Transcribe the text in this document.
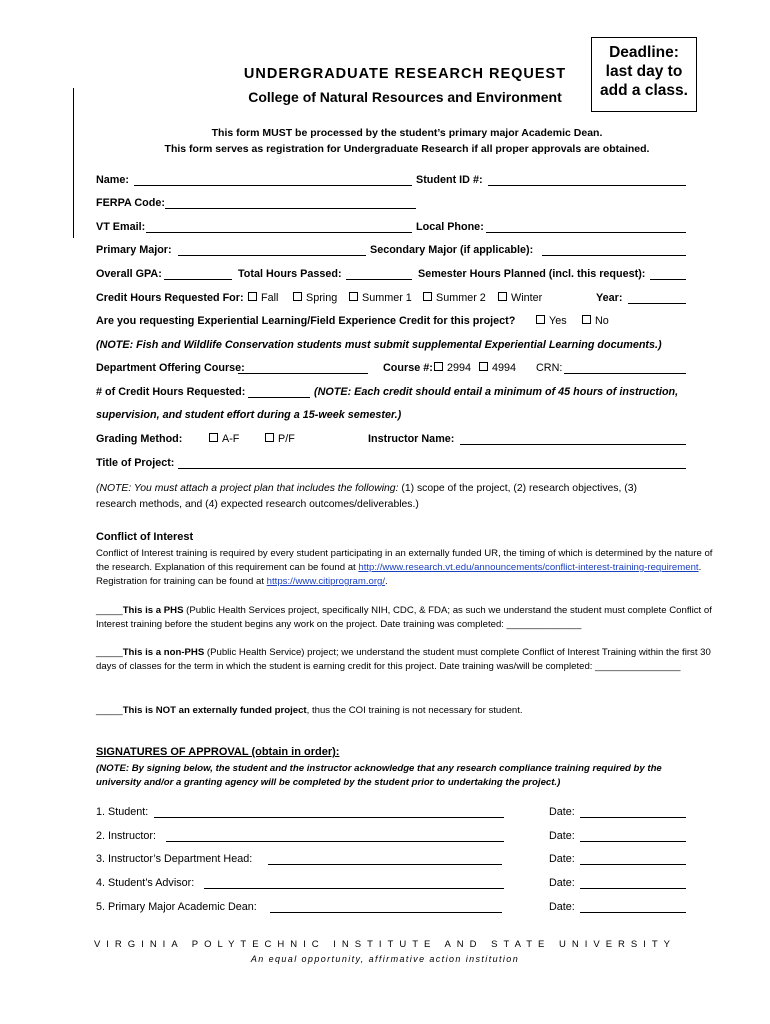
Deadline:
last day to
add a class.
UNDERGRADUATE RESEARCH REQUEST
College of Natural Resources and Environment
This form MUST be processed by the student’s primary major Academic Dean.
This form serves as registration for Undergraduate Research if all proper approvals are obtained.
Name:	Student ID #:
FERPA Code:
VT Email:	Local Phone:
Primary Major:	Secondary Major (if applicable):
Overall GPA:	Total Hours Passed:	Semester Hours Planned (incl. this request):
Credit Hours Requested For:	Fall	Spring	Summer 1	Summer 2	Winter	Year:
Are you requesting Experiential Learning/Field Experience Credit for this project?	Yes	No
(NOTE: Fish and Wildlife Conservation students must submit supplemental Experiential Learning documents.)
Department Offering Course:	Course #:	2994	4994 CRN:
# of Credit Hours Requested:	(NOTE: Each credit should entail a minimum of 45 hours of instruction,
supervision, and student effort during a 15-week semester.)
Grading Method:	A-F	P/F	Instructor Name:
Title of Project:
(NOTE: You must attach a project plan that includes the following: (1) scope of the project, (2) research objectives, (3)
research methods, and (4) expected research outcomes/deliverables.)
Conflict of Interest
Conflict of Interest training is required by every student participating in an externally funded UR, the timing of which is determined by the nature of the research. Explanation of this requirement can be found at http://www.research.vt.edu/announcements/conflict-interest-training-requirement. Registration for training can be found at https://www.citiprogram.org/.
_____This is a PHS (Public Health Services project, specifically NIH, CDC, & FDA; as such we understand the student must complete Conflict of Interest training before the student begins any work on the project. Date training was completed: ______________
_____This is a non-PHS (Public Health Service) project; we understand the student must complete Conflict of Interest Training within the first 30 days of classes for the term in which the student is earning credit for this project. Date training was/will be completed: ________________
_____This is NOT an externally funded project, thus the COI training is not necessary for student.
SIGNATURES OF APPROVAL (obtain in order):
(NOTE: By signing below, the student and the instructor acknowledge that any research compliance training required by the university and/or a granting agency will be completed by the student prior to undertaking the project.)
1. Student:	Date:
2. Instructor:	Date:
3. Instructor’s Department Head:	Date:
4. Student’s Advisor:	Date:
5. Primary Major Academic Dean:	Date:
VIRGINIA POLYTECHNIC INSTITUTE AND STATE UNIVERSITY
An equal opportunity, affirmative action institution
